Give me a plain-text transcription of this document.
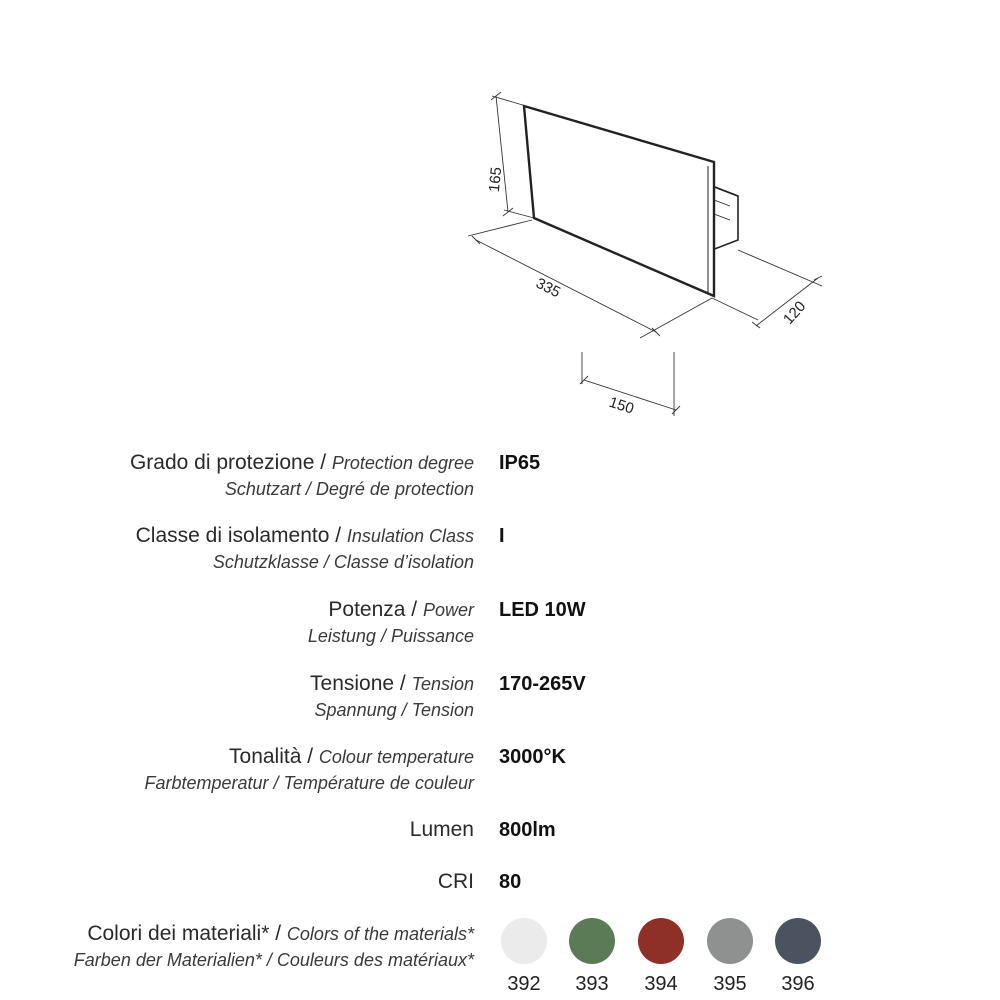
165
335
120
150
Grado di protezione / Protection degree
Schutzart / Degré de protection
IP65
Classe di isolamento / Insulation Class
Schutzklasse / Classe d’isolation
I
Potenza / Power
Leistung / Puissance
LED 10W
Tensione / Tension
Spannung / Tension
170-265V
Tonalità / Colour temperature
Farbtemperatur / Température de couleur
3000°K
Lumen 800lm
CRI 80
Colori dei materiali* / Colors of the materials*
Farben der Materialien* / Couleurs des matériaux*
392	393	394	395	396
